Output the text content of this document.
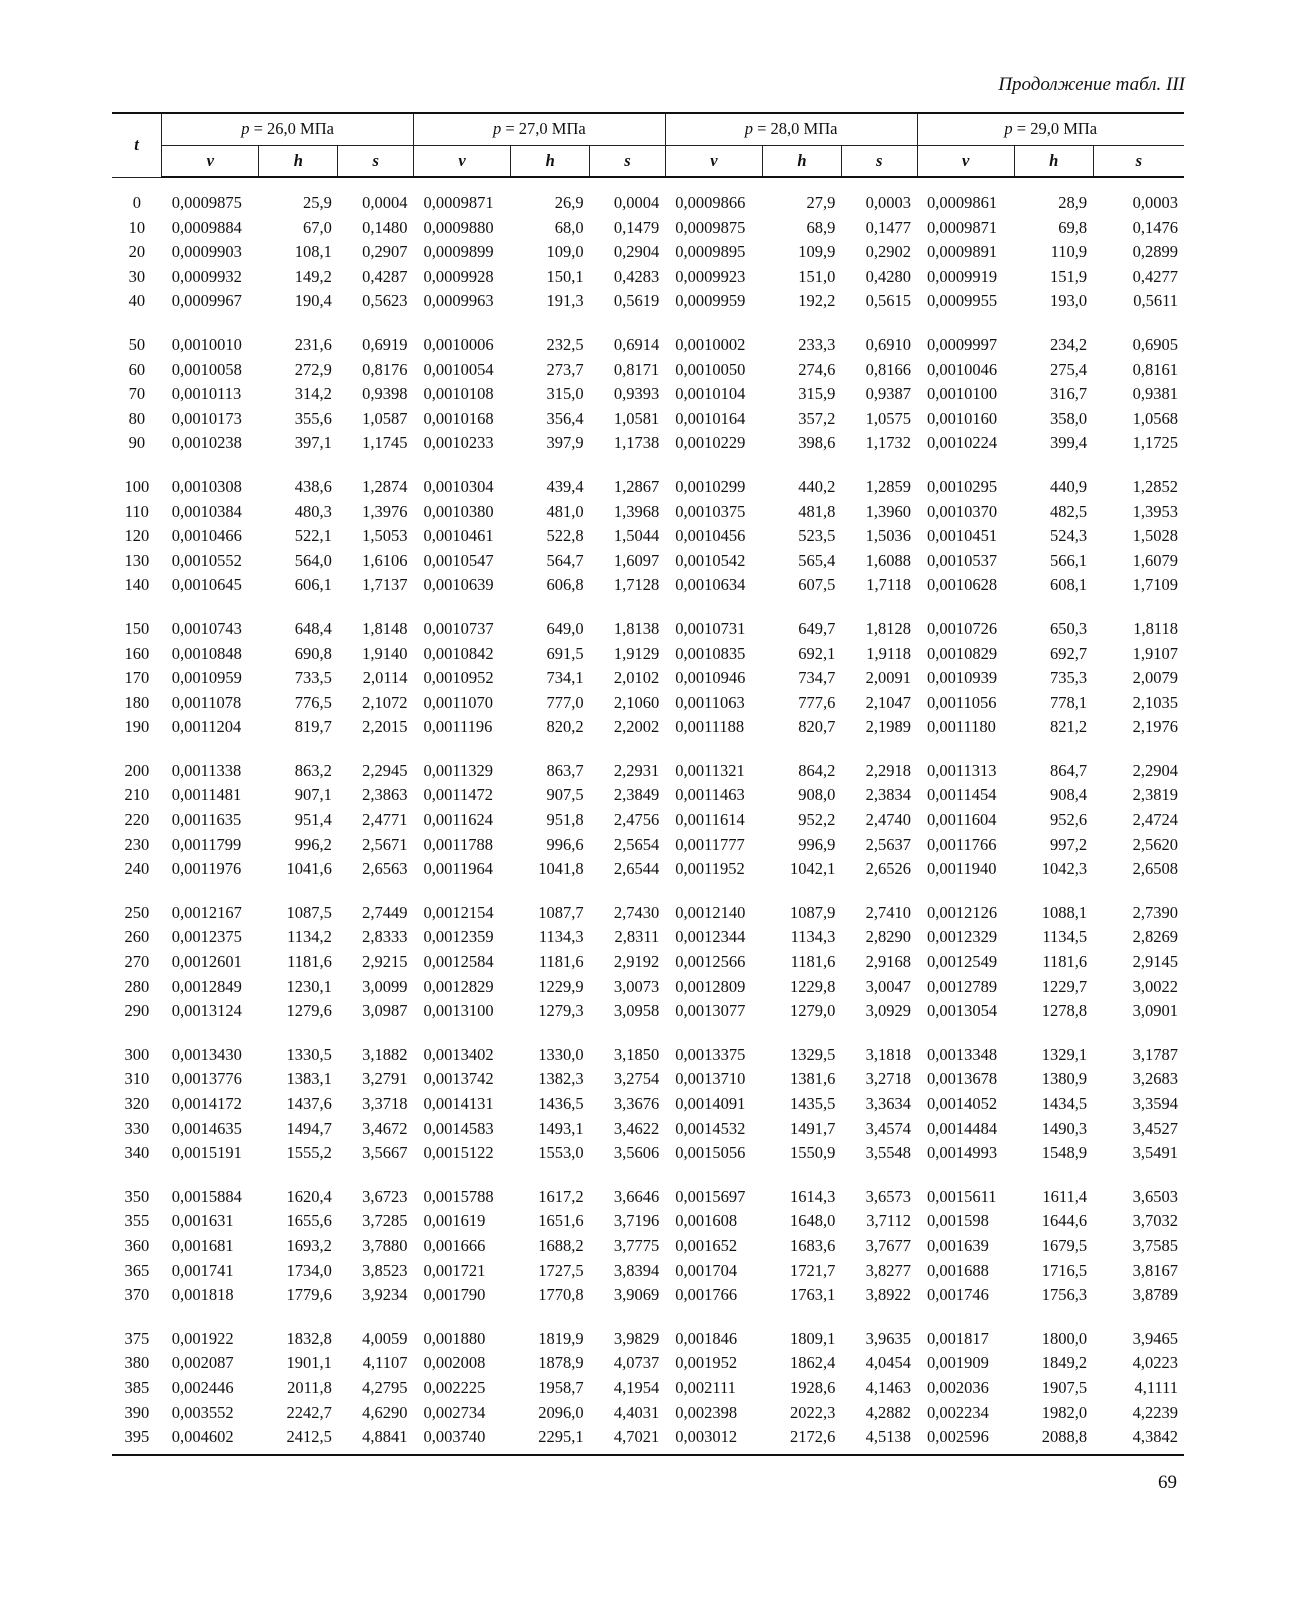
Продолжение табл. III
t	p = 26,0 МПа			p = 27,0 МПа			p = 28,0 МПа			p = 29,0 МПа		
	v	h	s	v	h	s	v	h	s	v	h	s
0	0,0009875	25,9	0,0004	0,0009871	26,9	0,0004	0,0009866	27,9	0,0003	0,0009861	28,9	0,0003
10	0,0009884	67,0	0,1480	0,0009880	68,0	0,1479	0,0009875	68,9	0,1477	0,0009871	69,8	0,1476
20	0,0009903	108,1	0,2907	0,0009899	109,0	0,2904	0,0009895	109,9	0,2902	0,0009891	110,9	0,2899
30	0,0009932	149,2	0,4287	0,0009928	150,1	0,4283	0,0009923	151,0	0,4280	0,0009919	151,9	0,4277
40	0,0009967	190,4	0,5623	0,0009963	191,3	0,5619	0,0009959	192,2	0,5615	0,0009955	193,0	0,5611
50	0,0010010	231,6	0,6919	0,0010006	232,5	0,6914	0,0010002	233,3	0,6910	0,0009997	234,2	0,6905
60	0,0010058	272,9	0,8176	0,0010054	273,7	0,8171	0,0010050	274,6	0,8166	0,0010046	275,4	0,8161
70	0,0010113	314,2	0,9398	0,0010108	315,0	0,9393	0,0010104	315,9	0,9387	0,0010100	316,7	0,9381
80	0,0010173	355,6	1,0587	0,0010168	356,4	1,0581	0,0010164	357,2	1,0575	0,0010160	358,0	1,0568
90	0,0010238	397,1	1,1745	0,0010233	397,9	1,1738	0,0010229	398,6	1,1732	0,0010224	399,4	1,1725
100	0,0010308	438,6	1,2874	0,0010304	439,4	1,2867	0,0010299	440,2	1,2859	0,0010295	440,9	1,2852
110	0,0010384	480,3	1,3976	0,0010380	481,0	1,3968	0,0010375	481,8	1,3960	0,0010370	482,5	1,3953
120	0,0010466	522,1	1,5053	0,0010461	522,8	1,5044	0,0010456	523,5	1,5036	0,0010451	524,3	1,5028
130	0,0010552	564,0	1,6106	0,0010547	564,7	1,6097	0,0010542	565,4	1,6088	0,0010537	566,1	1,6079
140	0,0010645	606,1	1,7137	0,0010639	606,8	1,7128	0,0010634	607,5	1,7118	0,0010628	608,1	1,7109
150	0,0010743	648,4	1,8148	0,0010737	649,0	1,8138	0,0010731	649,7	1,8128	0,0010726	650,3	1,8118
160	0,0010848	690,8	1,9140	0,0010842	691,5	1,9129	0,0010835	692,1	1,9118	0,0010829	692,7	1,9107
170	0,0010959	733,5	2,0114	0,0010952	734,1	2,0102	0,0010946	734,7	2,0091	0,0010939	735,3	2,0079
180	0,0011078	776,5	2,1072	0,0011070	777,0	2,1060	0,0011063	777,6	2,1047	0,0011056	778,1	2,1035
190	0,0011204	819,7	2,2015	0,0011196	820,2	2,2002	0,0011188	820,7	2,1989	0,0011180	821,2	2,1976
200	0,0011338	863,2	2,2945	0,0011329	863,7	2,2931	0,0011321	864,2	2,2918	0,0011313	864,7	2,2904
210	0,0011481	907,1	2,3863	0,0011472	907,5	2,3849	0,0011463	908,0	2,3834	0,0011454	908,4	2,3819
220	0,0011635	951,4	2,4771	0,0011624	951,8	2,4756	0,0011614	952,2	2,4740	0,0011604	952,6	2,4724
230	0,0011799	996,2	2,5671	0,0011788	996,6	2,5654	0,0011777	996,9	2,5637	0,0011766	997,2	2,5620
240	0,0011976	1041,6	2,6563	0,0011964	1041,8	2,6544	0,0011952	1042,1	2,6526	0,0011940	1042,3	2,6508
250	0,0012167	1087,5	2,7449	0,0012154	1087,7	2,7430	0,0012140	1087,9	2,7410	0,0012126	1088,1	2,7390
260	0,0012375	1134,2	2,8333	0,0012359	1134,3	2,8311	0,0012344	1134,3	2,8290	0,0012329	1134,5	2,8269
270	0,0012601	1181,6	2,9215	0,0012584	1181,6	2,9192	0,0012566	1181,6	2,9168	0,0012549	1181,6	2,9145
280	0,0012849	1230,1	3,0099	0,0012829	1229,9	3,0073	0,0012809	1229,8	3,0047	0,0012789	1229,7	3,0022
290	0,0013124	1279,6	3,0987	0,0013100	1279,3	3,0958	0,0013077	1279,0	3,0929	0,0013054	1278,8	3,0901
300	0,0013430	1330,5	3,1882	0,0013402	1330,0	3,1850	0,0013375	1329,5	3,1818	0,0013348	1329,1	3,1787
310	0,0013776	1383,1	3,2791	0,0013742	1382,3	3,2754	0,0013710	1381,6	3,2718	0,0013678	1380,9	3,2683
320	0,0014172	1437,6	3,3718	0,0014131	1436,5	3,3676	0,0014091	1435,5	3,3634	0,0014052	1434,5	3,3594
330	0,0014635	1494,7	3,4672	0,0014583	1493,1	3,4622	0,0014532	1491,7	3,4574	0,0014484	1490,3	3,4527
340	0,0015191	1555,2	3,5667	0,0015122	1553,0	3,5606	0,0015056	1550,9	3,5548	0,0014993	1548,9	3,5491
350	0,0015884	1620,4	3,6723	0,0015788	1617,2	3,6646	0,0015697	1614,3	3,6573	0,0015611	1611,4	3,6503
355	0,001631	1655,6	3,7285	0,001619	1651,6	3,7196	0,001608	1648,0	3,7112	0,001598	1644,6	3,7032
360	0,001681	1693,2	3,7880	0,001666	1688,2	3,7775	0,001652	1683,6	3,7677	0,001639	1679,5	3,7585
365	0,001741	1734,0	3,8523	0,001721	1727,5	3,8394	0,001704	1721,7	3,8277	0,001688	1716,5	3,8167
370	0,001818	1779,6	3,9234	0,001790	1770,8	3,9069	0,001766	1763,1	3,8922	0,001746	1756,3	3,8789
375	0,001922	1832,8	4,0059	0,001880	1819,9	3,9829	0,001846	1809,1	3,9635	0,001817	1800,0	3,9465
380	0,002087	1901,1	4,1107	0,002008	1878,9	4,0737	0,001952	1862,4	4,0454	0,001909	1849,2	4,0223
385	0,002446	2011,8	4,2795	0,002225	1958,7	4,1954	0,002111	1928,6	4,1463	0,002036	1907,5	4,1111
390	0,003552	2242,7	4,6290	0,002734	2096,0	4,4031	0,002398	2022,3	4,2882	0,002234	1982,0	4,2239
395	0,004602	2412,5	4,8841	0,003740	2295,1	4,7021	0,003012	2172,6	4,5138	0,002596	2088,8	4,3842
69
